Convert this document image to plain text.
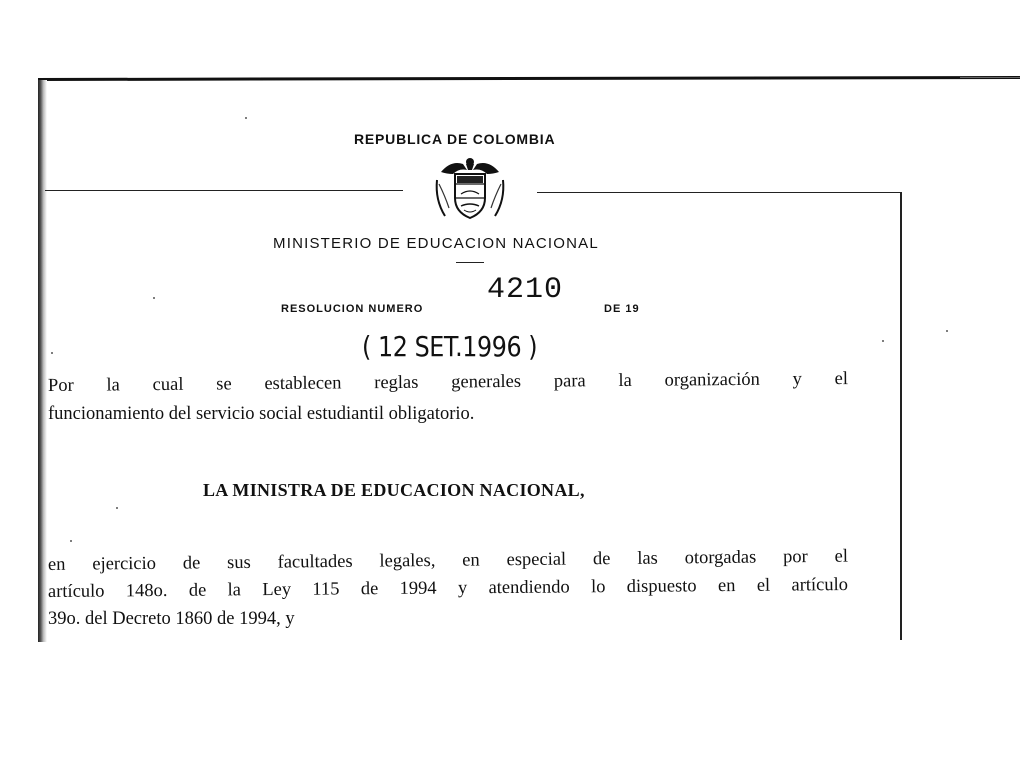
REPUBLICA DE COLOMBIA
MINISTERIO DE EDUCACION NACIONAL
RESOLUCION NUMERO
4210
DE 19
( 12 SET.1996 )
Por la cual se establecen reglas generales para la organización y el
funcionamiento del servicio social estudiantil obligatorio.
LA MINISTRA DE EDUCACION NACIONAL,
en ejercicio de sus facultades legales, en especial de las otorgadas por el
artículo 148o. de la Ley 115 de 1994 y atendiendo lo dispuesto en el artículo
39o. del Decreto 1860 de 1994, y
